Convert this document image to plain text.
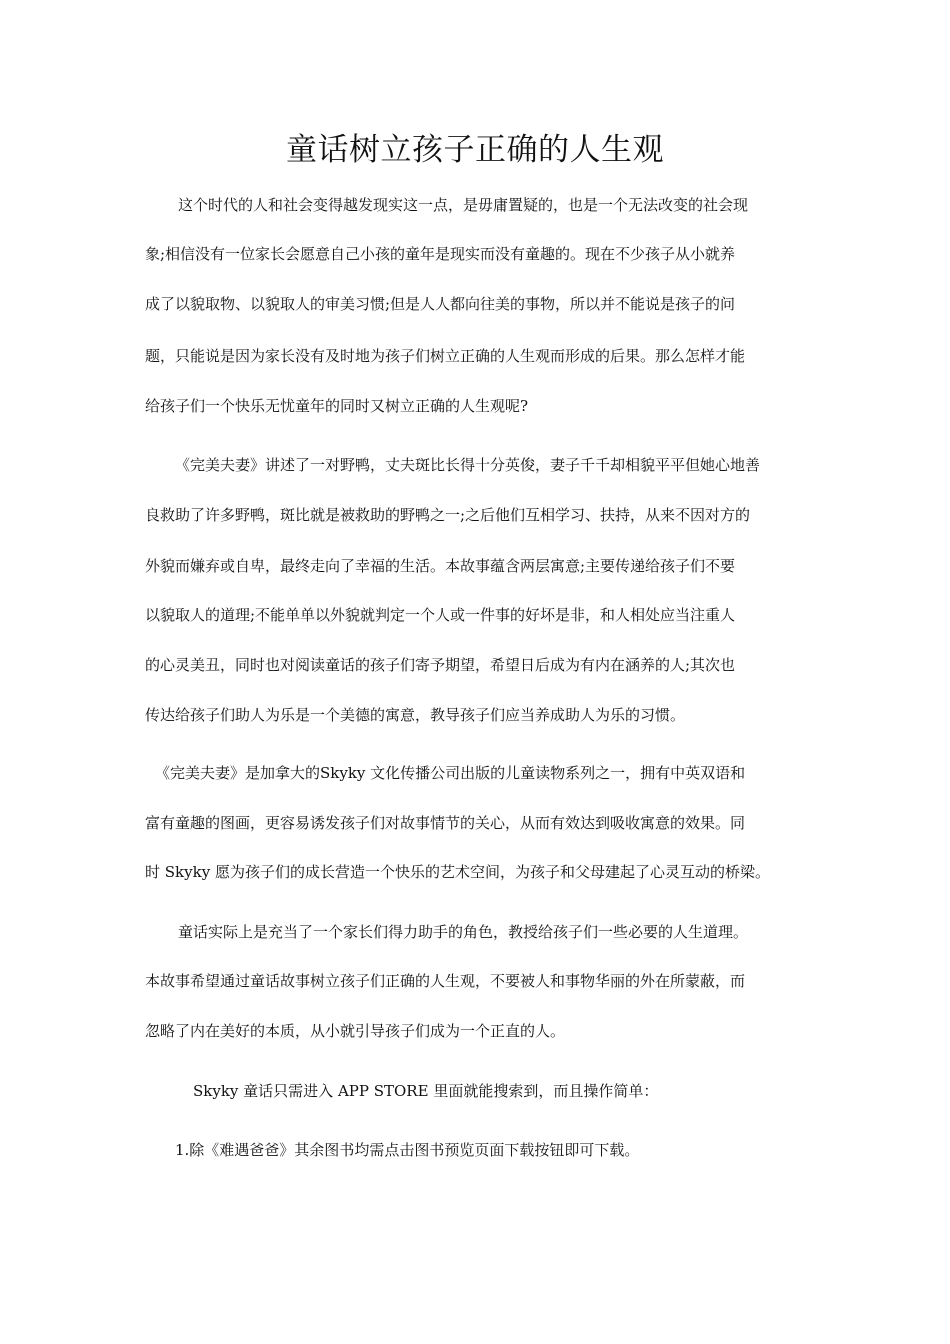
童话树立孩子正确的人生观

这个时代的人和社会变得越发现实这一点，是毋庸置疑的，也是一个无法改变的社会现

象;相信没有一位家长会愿意自己小孩的童年是现实而没有童趣的。现在不少孩子从小就养

成了以貌取物、以貌取人的审美习惯;但是人人都向往美的事物，所以并不能说是孩子的问

题，只能说是因为家长没有及时地为孩子们树立正确的人生观而形成的后果。那么怎样才能

给孩子们一个快乐无忧童年的同时又树立正确的人生观呢?

《完美夫妻》讲述了一对野鸭，丈夫斑比长得十分英俊，妻子千千却相貌平平但她心地善

良救助了许多野鸭，斑比就是被救助的野鸭之一;之后他们互相学习、扶持，从来不因对方的

外貌而嫌弃或自卑，最终走向了幸福的生活。本故事蕴含两层寓意;主要传递给孩子们不要

以貌取人的道理;不能单单以外貌就判定一个人或一件事的好坏是非，和人相处应当注重人

的心灵美丑，同时也对阅读童话的孩子们寄予期望，希望日后成为有内在涵养的人;其次也

传达给孩子们助人为乐是一个美德的寓意，教导孩子们应当养成助人为乐的习惯。

《完美夫妻》是加拿大的Skyky 文化传播公司出版的儿童读物系列之一，拥有中英双语和

富有童趣的图画，更容易诱发孩子们对故事情节的关心，从而有效达到吸收寓意的效果。同

时 Skyky 愿为孩子们的成长营造一个快乐的艺术空间，为孩子和父母建起了心灵互动的桥梁。

童话实际上是充当了一个家长们得力助手的角色，教授给孩子们一些必要的人生道理。

本故事希望通过童话故事树立孩子们正确的人生观，不要被人和事物华丽的外在所蒙蔽，而

忽略了内在美好的本质，从小就引导孩子们成为一个正直的人。

Skyky 童话只需进入 APP STORE 里面就能搜索到，而且操作简单：

1.除《难遇爸爸》其余图书均需点击图书预览页面下载按钮即可下载。
